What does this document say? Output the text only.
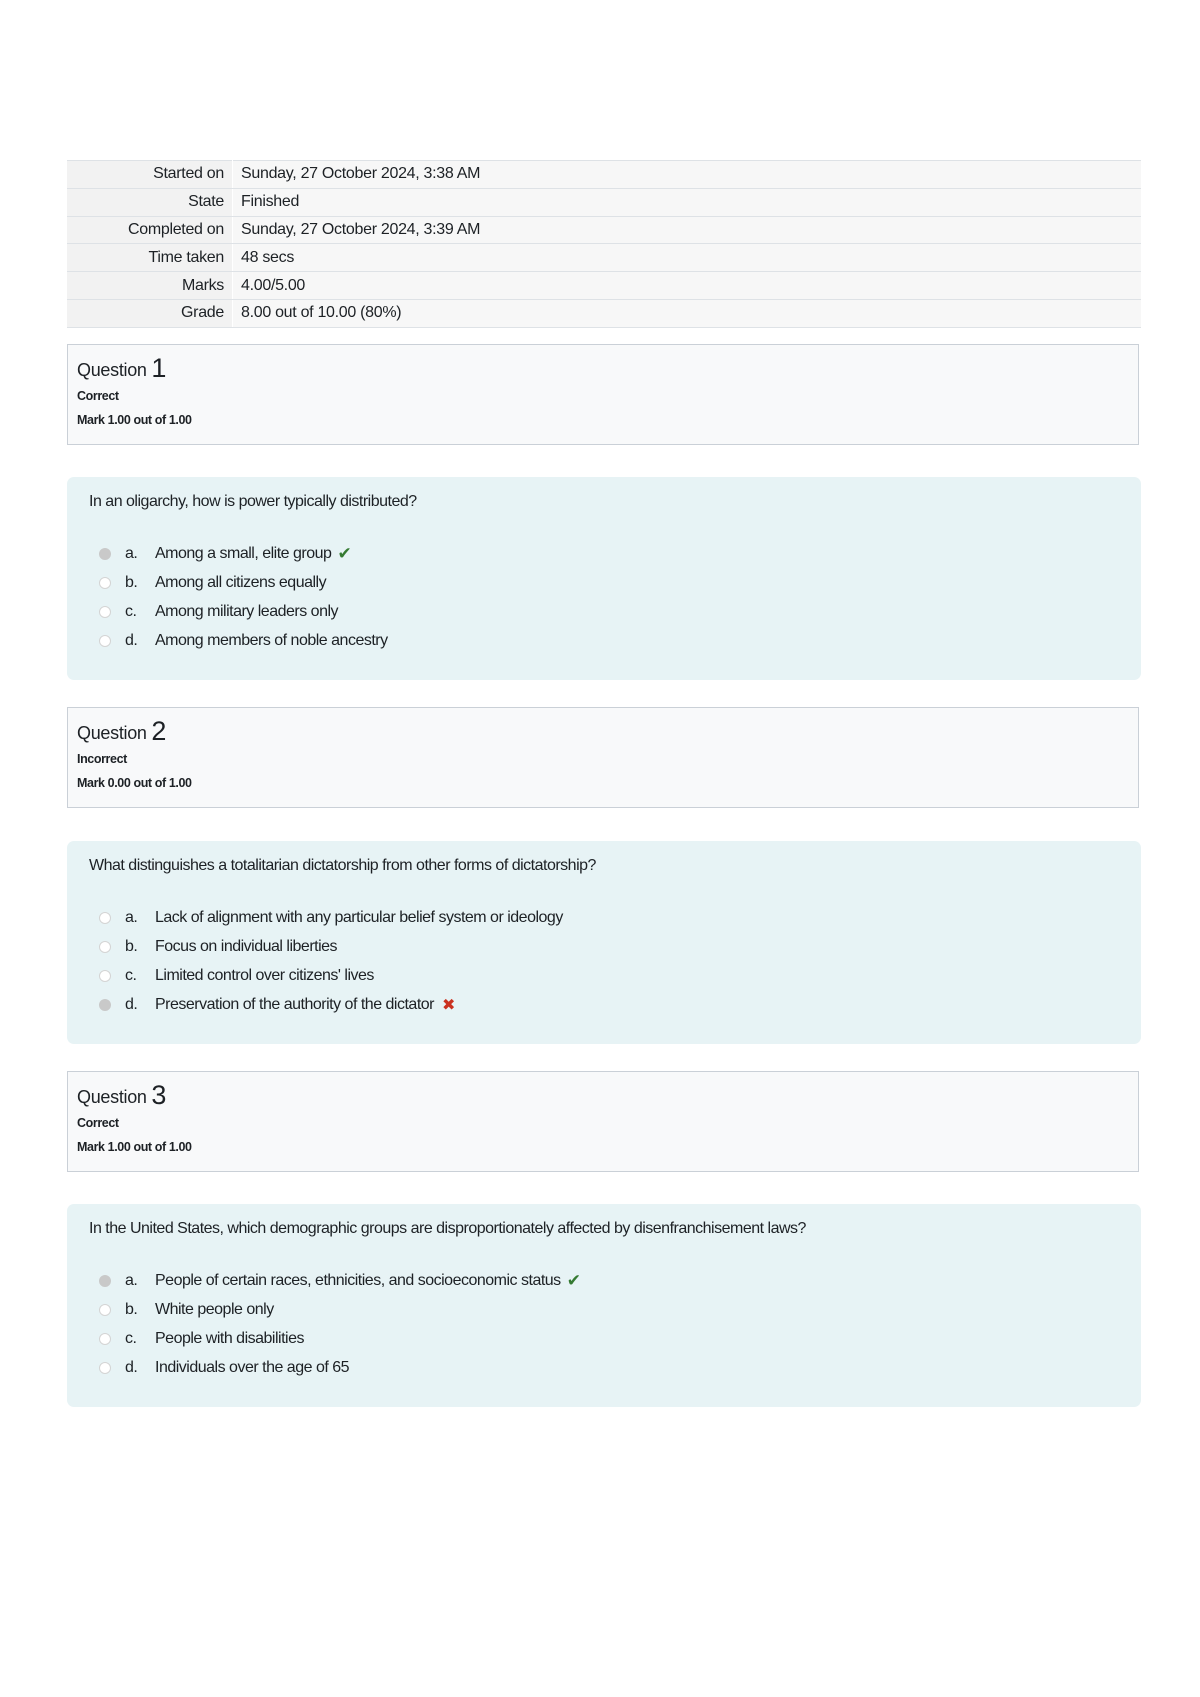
Started on	Sunday, 27 October 2024, 3:38 AM
State	Finished
Completed on	Sunday, 27 October 2024, 3:39 AM
Time taken	48 secs
Marks	4.00/5.00
Grade	8.00 out of 10.00 (80%)
Question 1
Correct
Mark 1.00 out of 1.00

In an oligarchy, how is power typically distributed?

a.	Among a small, elite group ✔
b.	Among all citizens equally
c.	Among military leaders only
d.	Among members of noble ancestry
Question 2
Incorrect
Mark 0.00 out of 1.00

What distinguishes a totalitarian dictatorship from other forms of dictatorship?

a.	Lack of alignment with any particular belief system or ideology
b.	Focus on individual liberties
c.	Limited control over citizens' lives
d.	Preservation of the authority of the dictator ✖
Question 3
Correct
Mark 1.00 out of 1.00

In the United States, which demographic groups are disproportionately affected by disenfranchisement laws?

a.	People of certain races, ethnicities, and socioeconomic status ✔
b.	White people only
c.	People with disabilities
d.	Individuals over the age of 65
